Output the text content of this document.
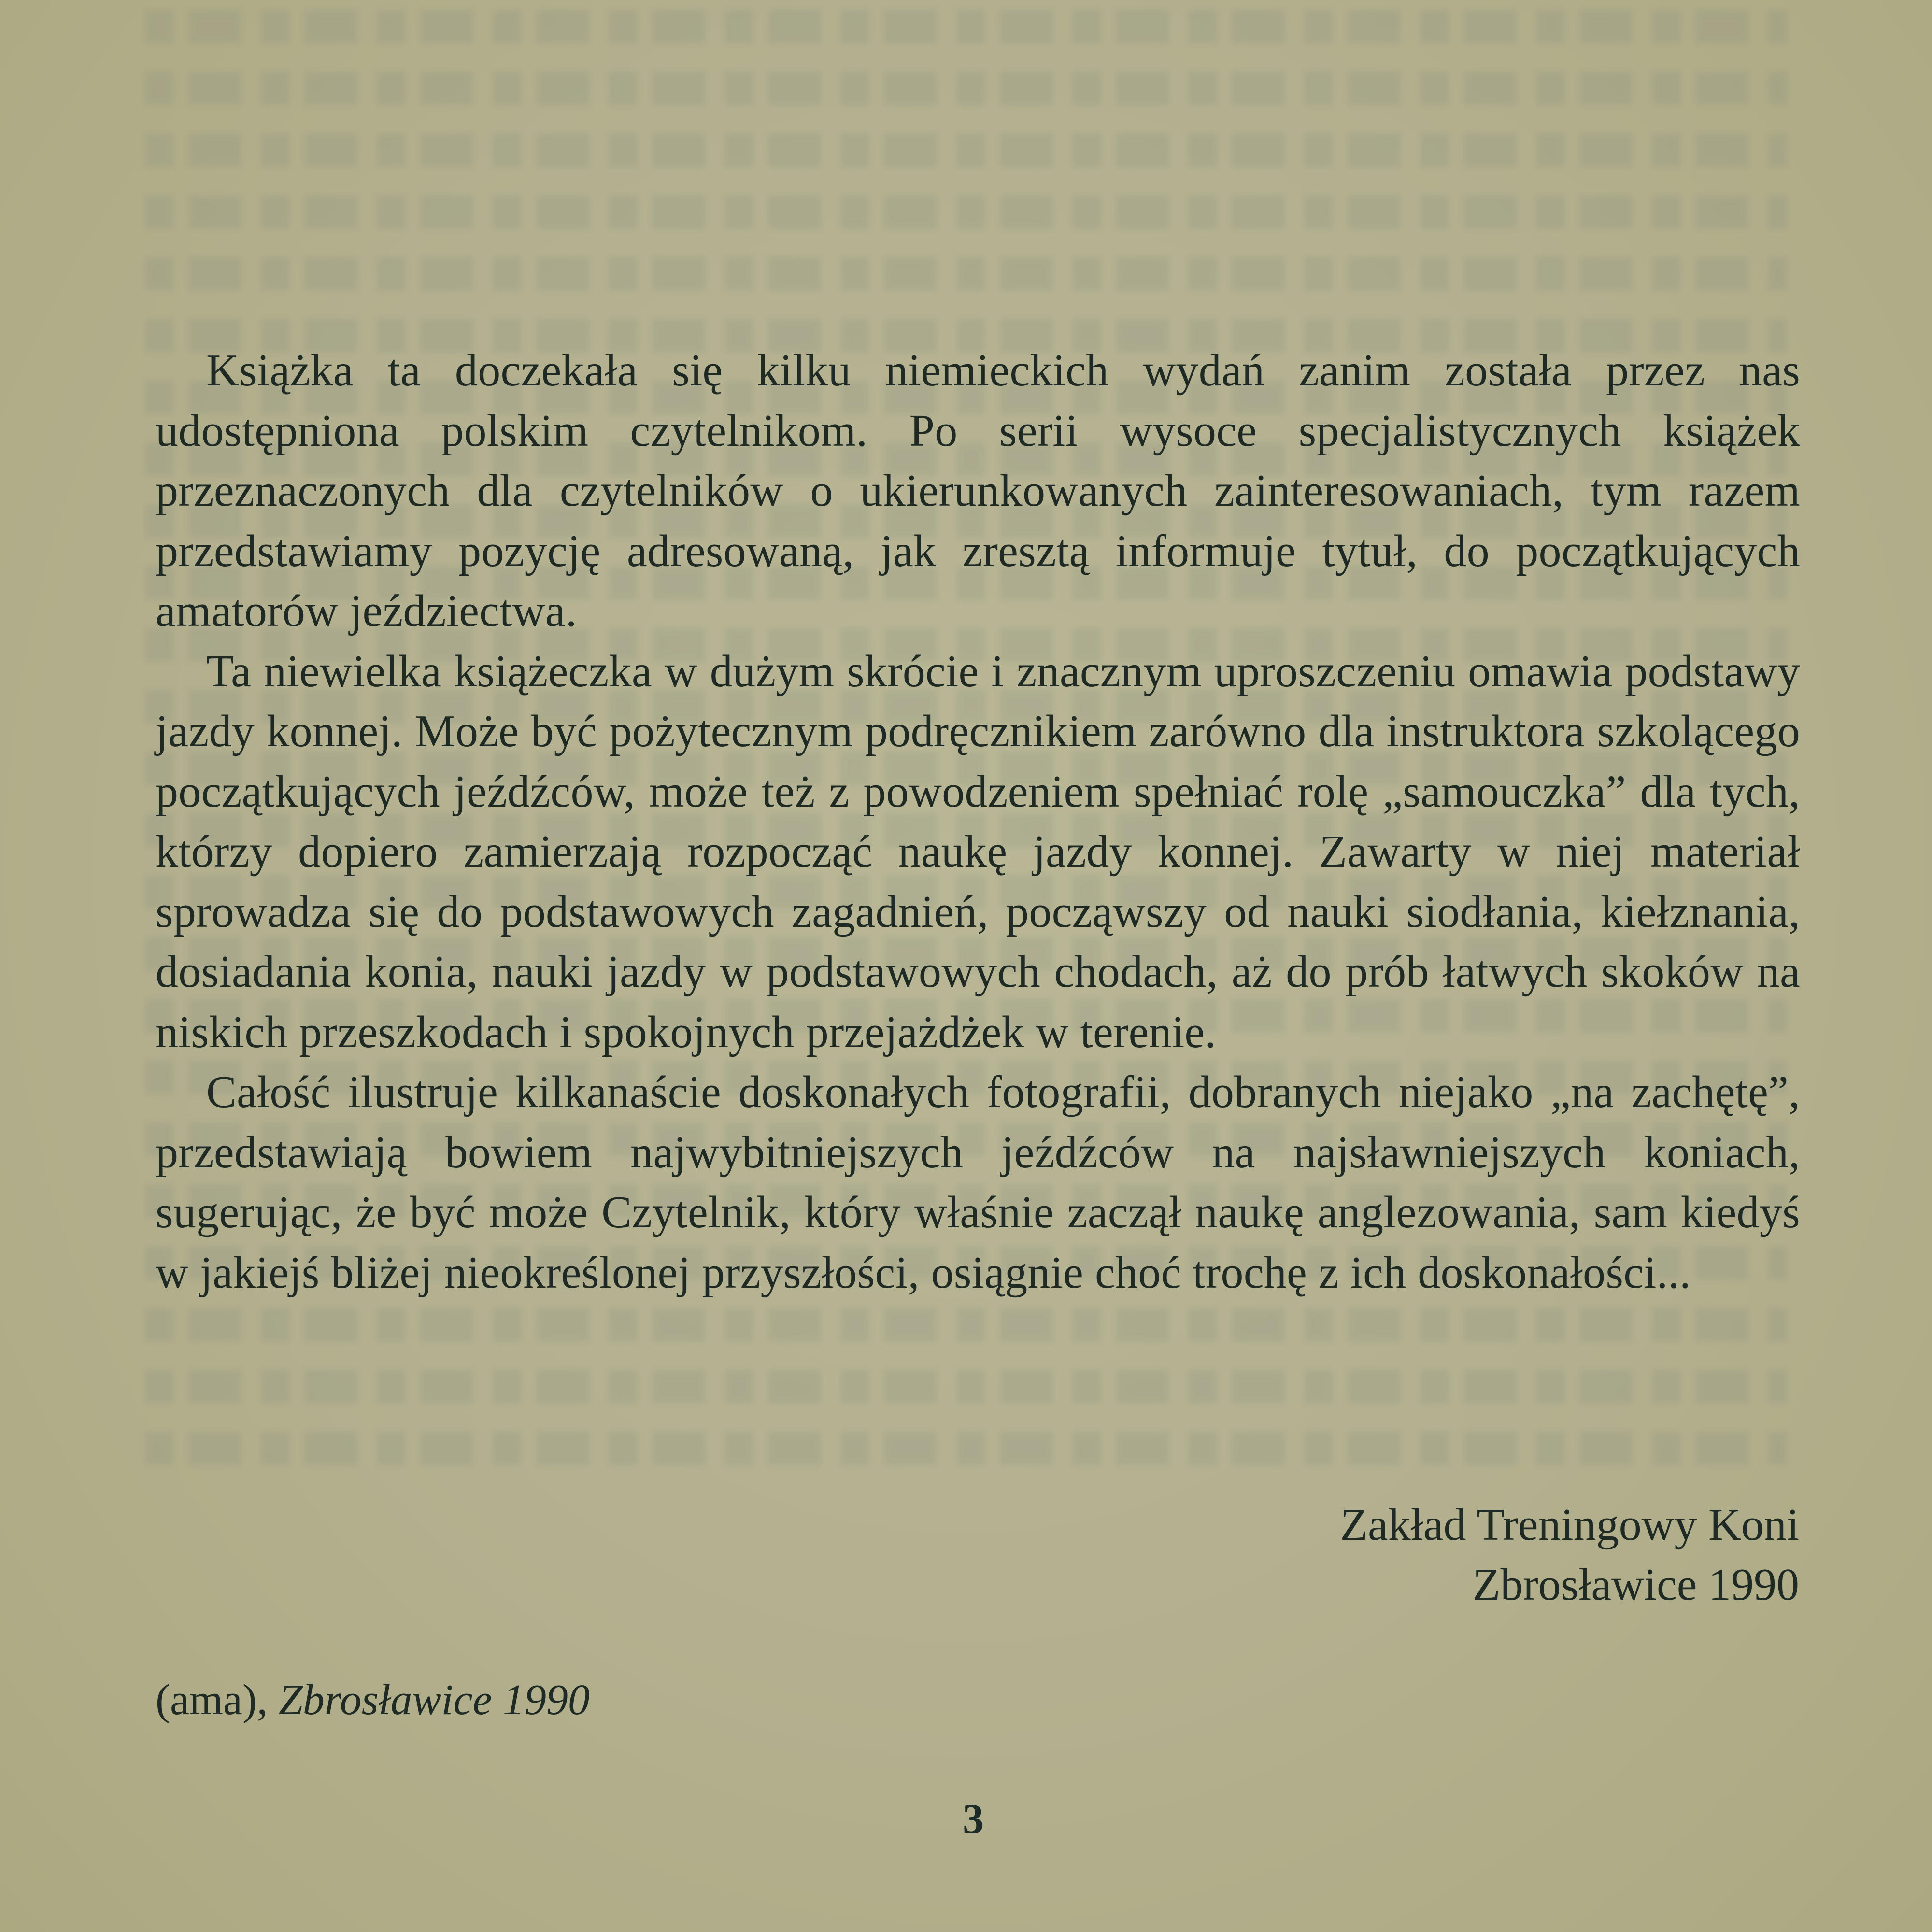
Książka ta doczekała się kilku niemieckich wydań zanim została przez nas udostępniona polskim czytelnikom. Po serii wysoce specjalistycznych książek przeznaczonych dla czytelników o ukierunkowanych zainteresowaniach, tym razem przedstawiamy pozycję adresowaną, jak zresztą informuje tytuł, do początkujących amatorów jeździectwa.

Ta niewielka książeczka w dużym skrócie i znacznym uproszczeniu omawia podstawy jazdy konnej. Może być pożytecznym podręcznikiem zarówno dla instruktora szkolącego początkujących jeźdźców, może też z powodzeniem spełniać rolę „samouczka” dla tych, którzy dopiero zamierzają rozpocząć naukę jazdy konnej. Zawarty w niej materiał sprowadza się do podstawowych zagadnień, począwszy od nauki siodłania, kiełznania, dosiadania konia, nauki jazdy w podstawowych chodach, aż do prób łatwych skoków na niskich przeszkodach i spokojnych przejażdżek w terenie.

Całość ilustruje kilkanaście doskonałych fotografii, dobranych niejako „na zachętę”, przedstawiają bowiem najwybitniejszych jeźdźców na najsławniejszych koniach, sugerując, że być może Czytelnik, który właśnie zaczął naukę anglezowania, sam kiedyś w jakiejś bliżej nieokreślonej przyszłości, osiągnie choć trochę z ich doskonałości...

Zakład Treningowy Koni
Zbrosławice 1990
(ama), Zbrosławice 1990
3
